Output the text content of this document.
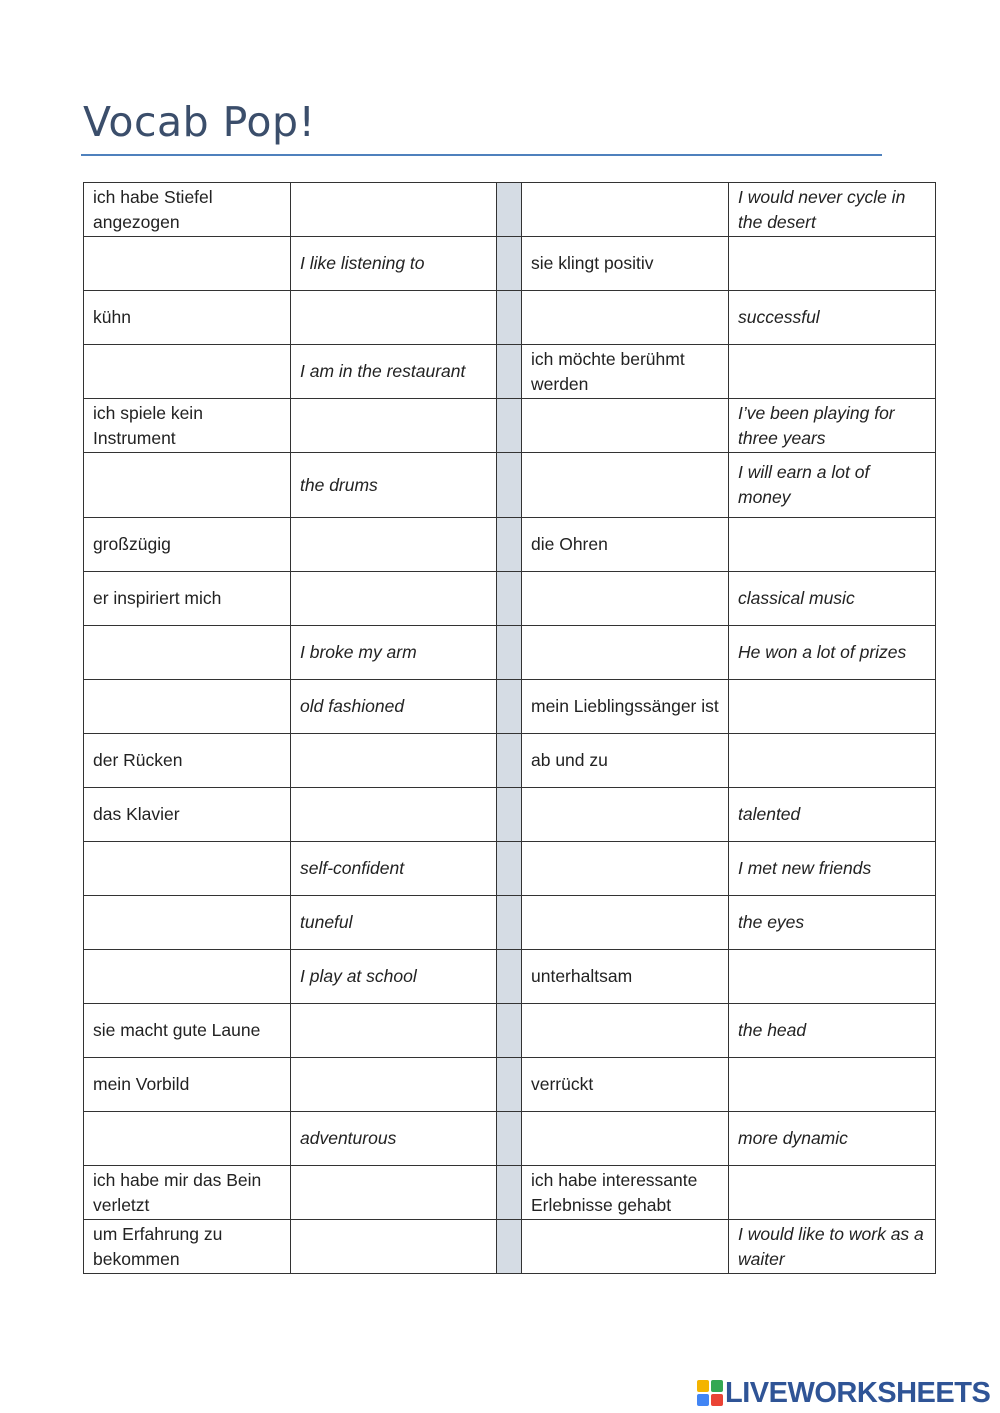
Vocab Pop!
ich habe Stiefel angezogen				I would never cycle in the desert
	I like listening to		sie klingt positiv	
kühn				successful
	I am in the restaurant		ich möchte berühmt werden	
ich spiele kein Instrument				I’ve been playing for three years
	the drums			I will earn a lot of money
großzügig			die Ohren	
er inspiriert mich				classical music
	I broke my arm			He won a lot of prizes
	old fashioned		mein Lieblingssänger ist	
der Rücken			ab und zu	
das Klavier				talented
	self-confident			I met new friends
	tuneful			the eyes
	I play at school		unterhaltsam	
sie macht gute Laune				the head
mein Vorbild			verrückt	
	adventurous			more dynamic
ich habe mir das Bein verletzt			ich habe interessante Erlebnisse gehabt	
um Erfahrung zu bekommen				I would like to work as a waiter
LIVEWORKSHEETS
